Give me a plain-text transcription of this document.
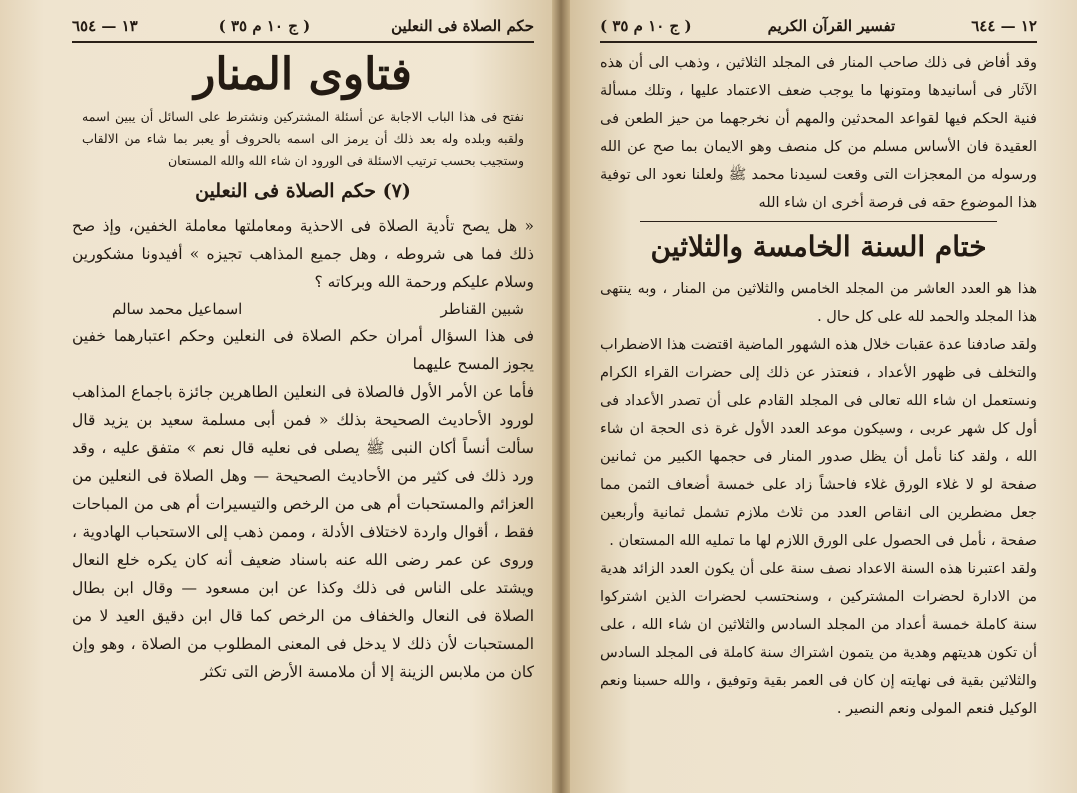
حكم الصلاة فى النعلين
( ج ١٠ م ٣٥ )
١٣ — ٦٥٤
فتاوى المنار
نفتح فى هذا الباب الاجابة عن أسئلة المشتركين ونشترط على السائل أن يبين اسمه ولقبه وبلده وله بعد ذلك أن يرمز الى اسمه بالحروف أو يعبر بما شاء من الالقاب وستجيب بحسب ترتيب الاسئلة فى الورود ان شاء الله والله المستعان
(٧) حكم الصلاة فى النعلين

« هل يصح تأدية الصلاة فى الاحذية ومعاملتها معاملة الخفين، وإذ صح ذلك فما هى شروطه ، وهل جميع المذاهب تجيزه » أفيدونا مشكورين وسلام عليكم ورحمة الله وبركاته ؟

شبين القناطر
اسماعيل محمد سالم

فى هذا السؤال أمران حكم الصلاة فى النعلين وحكم اعتبارهما خفين يجوز المسح عليهما

فأما عن الأمر الأول فالصلاة فى النعلين الطاهرين جائزة باجماع المذاهب لورود الأحاديث الصحيحة بذلك « فمن أبى مسلمة سعيد بن يزيد قال سألت أنساً أكان النبى ﷺ يصلى فى نعليه قال نعم » متفق عليه ، وقد ورد ذلك فى كثير من الأحاديث الصحيحة — وهل الصلاة فى النعلين من العزائم والمستحبات أم هى من الرخص والتيسيرات أم هى من المباحات فقط ، أقوال واردة لاختلاف الأدلة ، وممن ذهب إلى الاستحباب الهادوية ، وروى عن عمر رضى الله عنه باسناد ضعيف أنه كان يكره خلع النعال ويشتد على الناس فى ذلك وكذا عن ابن مسعود — وقال ابن بطال الصلاة فى النعال والخفاف من الرخص كما قال ابن دقيق العيد لا من المستحبات لأن ذلك لا يدخل فى المعنى المطلوب من الصلاة ، وهو وإن كان من ملابس الزينة إلا أن ملامسة الأرض التى تكثر

١٢ — ٦٤٤
تفسير القرآن الكريم
( ج ١٠ م ٣٥ )

وقد أفاض فى ذلك صاحب المنار فى المجلد الثلاثين ، وذهب الى أن هذه الآثار فى أسانيدها ومتونها ما يوجب ضعف الاعتماد عليها ، وتلك مسألة فنية الحكم فيها لقواعد المحدثين والمهم أن نخرجهما من حيز الطعن فى العقيدة فان الأساس مسلم من كل منصف وهو الايمان بما صح عن الله ورسوله من المعجزات التى وقعت لسيدنا محمد ﷺ ولعلنا نعود الى توفية هذا الموضوع حقه فى فرصة أخرى ان شاء الله

ختام السنة الخامسة والثلاثين

هذا هو العدد العاشر من المجلد الخامس والثلاثين من المنار ، وبه ينتهى هذا المجلد والحمد لله على كل حال .

ولقد صادفنا عدة عقبات خلال هذه الشهور الماضية اقتضت هذا الاضطراب والتخلف فى ظهور الأعداد ، فنعتذر عن ذلك إلى حضرات القراء الكرام ونستعمل ان شاء الله تعالى فى المجلد القادم على أن تصدر الأعداد فى أول كل شهر عربى ، وسيكون موعد العدد الأول غرة ذى الحجة ان شاء الله ، ولقد كنا نأمل أن يظل صدور المنار فى حجمها الكبير من ثمانين صفحة لو لا غلاء الورق غلاء فاحشاً زاد على خمسة أضعاف الثمن مما جعل مضطرين الى انقاص العدد من ثلاث ملازم تشمل ثمانية وأربعين صفحة ، نأمل فى الحصول على الورق اللازم لها ما تمليه الله المستعان .

ولقد اعتبرنا هذه السنة الاعداد نصف سنة على أن يكون العدد الزائد هدية من الادارة لحضرات المشتركين ، وسنحتسب لحضرات الذين اشتركوا سنة كاملة خمسة أعداد من المجلد السادس والثلاثين ان شاء الله ، على أن تكون هديتهم وهدية من يتمون اشتراك سنة كاملة فى المجلد السادس والثلاثين بقية فى نهايته إن كان فى العمر بقية وتوفيق ، والله حسبنا ونعم الوكيل فنعم المولى ونعم النصير .
